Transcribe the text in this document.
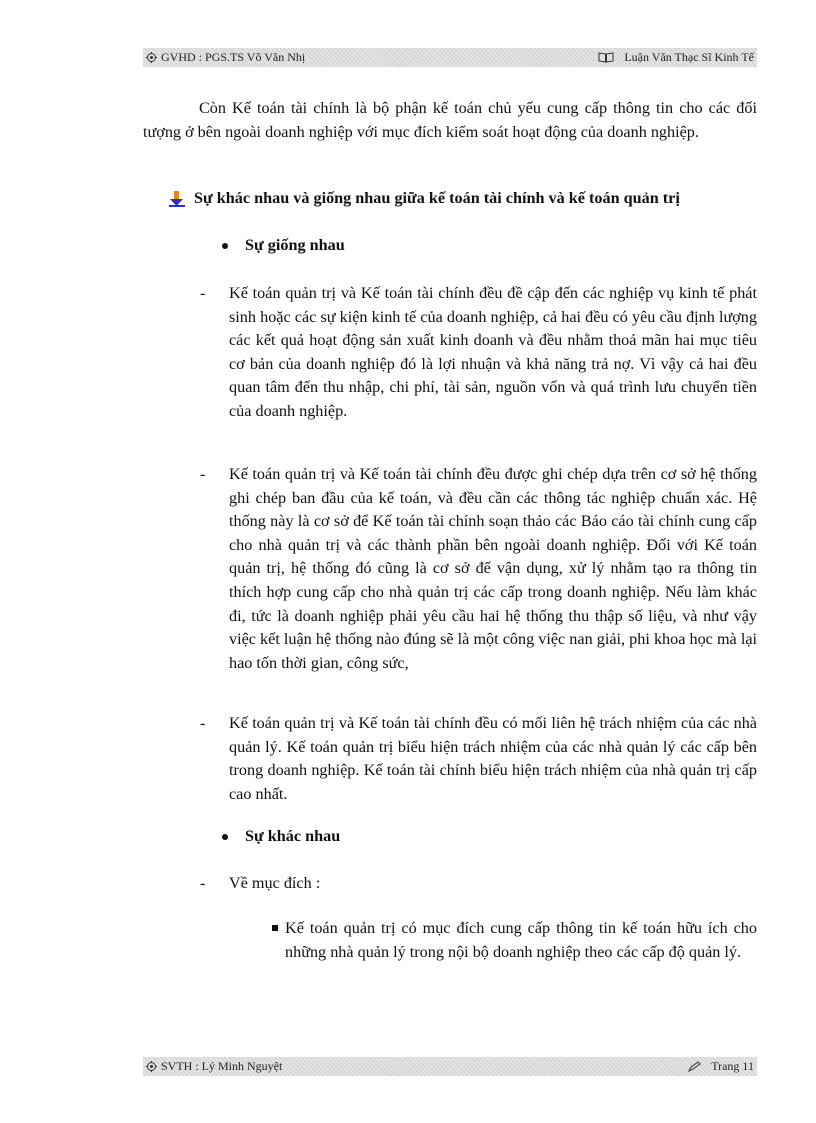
GVHD : PGS.TS Võ Văn Nhị	Luận Văn Thạc Sĩ Kinh Tế
Còn Kế toán tài chính là bộ phận kế toán chủ yếu cung cấp thông tin cho các đối tượng ở bên ngoài doanh nghiệp với mục đích kiểm soát hoạt động của doanh nghiệp.
Sự khác nhau và giống nhau giữa kế toán tài chính và kế toán quản trị
Sự giống nhau
- Kế toán quản trị và Kế toán tài chính đều đề cập đến các nghiệp vụ kinh tế phát sinh hoặc các sự kiện kinh tế của doanh nghiệp, cả hai đều có yêu cầu định lượng các kết quả hoạt động sản xuất kinh doanh và đều nhằm thoả mãn hai mục tiêu cơ bản của doanh nghiệp đó là lợi nhuận và khả năng trả nợ. Vì vậy cả hai đều quan tâm đến thu nhập, chi phí, tài sản, nguồn vốn và quá trình lưu chuyển tiền của doanh nghiệp.
- Kế toán quản trị và Kế toán tài chính đều được ghi chép dựa trên cơ sở hệ thống ghi chép ban đầu của kế toán, và đều cần các thông tác nghiệp chuẩn xác. Hệ thống này là cơ sở để Kế toán tài chính soạn thảo các Báo cáo tài chính cung cấp cho nhà quản trị và các thành phần bên ngoài doanh nghiệp. Đối với Kế toán quản trị, hệ thống đó cũng là cơ sở để vận dụng, xử lý nhằm tạo ra thông tin thích hợp cung cấp cho nhà quản trị các cấp trong doanh nghiệp. Nếu làm khác đi, tức là doanh nghiệp phải yêu cầu hai hệ thống thu thập số liệu, và như vậy việc kết luận hệ thống nào đúng sẽ là một công việc nan giải, phi khoa học mà lại hao tốn thời gian, công sức,
- Kế toán quản trị và Kế toán tài chính đều có mối liên hệ trách nhiệm của các nhà quản lý. Kế toán quản trị biểu hiện trách nhiệm của các nhà quản lý các cấp bên trong doanh nghiệp. Kế toán tài chính biểu hiện trách nhiệm của nhà quản trị cấp cao nhất.
Sự khác nhau
- Về mục đích :
Kế toán quản trị có mục đích cung cấp thông tin kế toán hữu ích cho những nhà quản lý trong nội bộ doanh nghiệp theo các cấp độ quản lý.
SVTH : Lý Minh Nguyệt	Trang 11
